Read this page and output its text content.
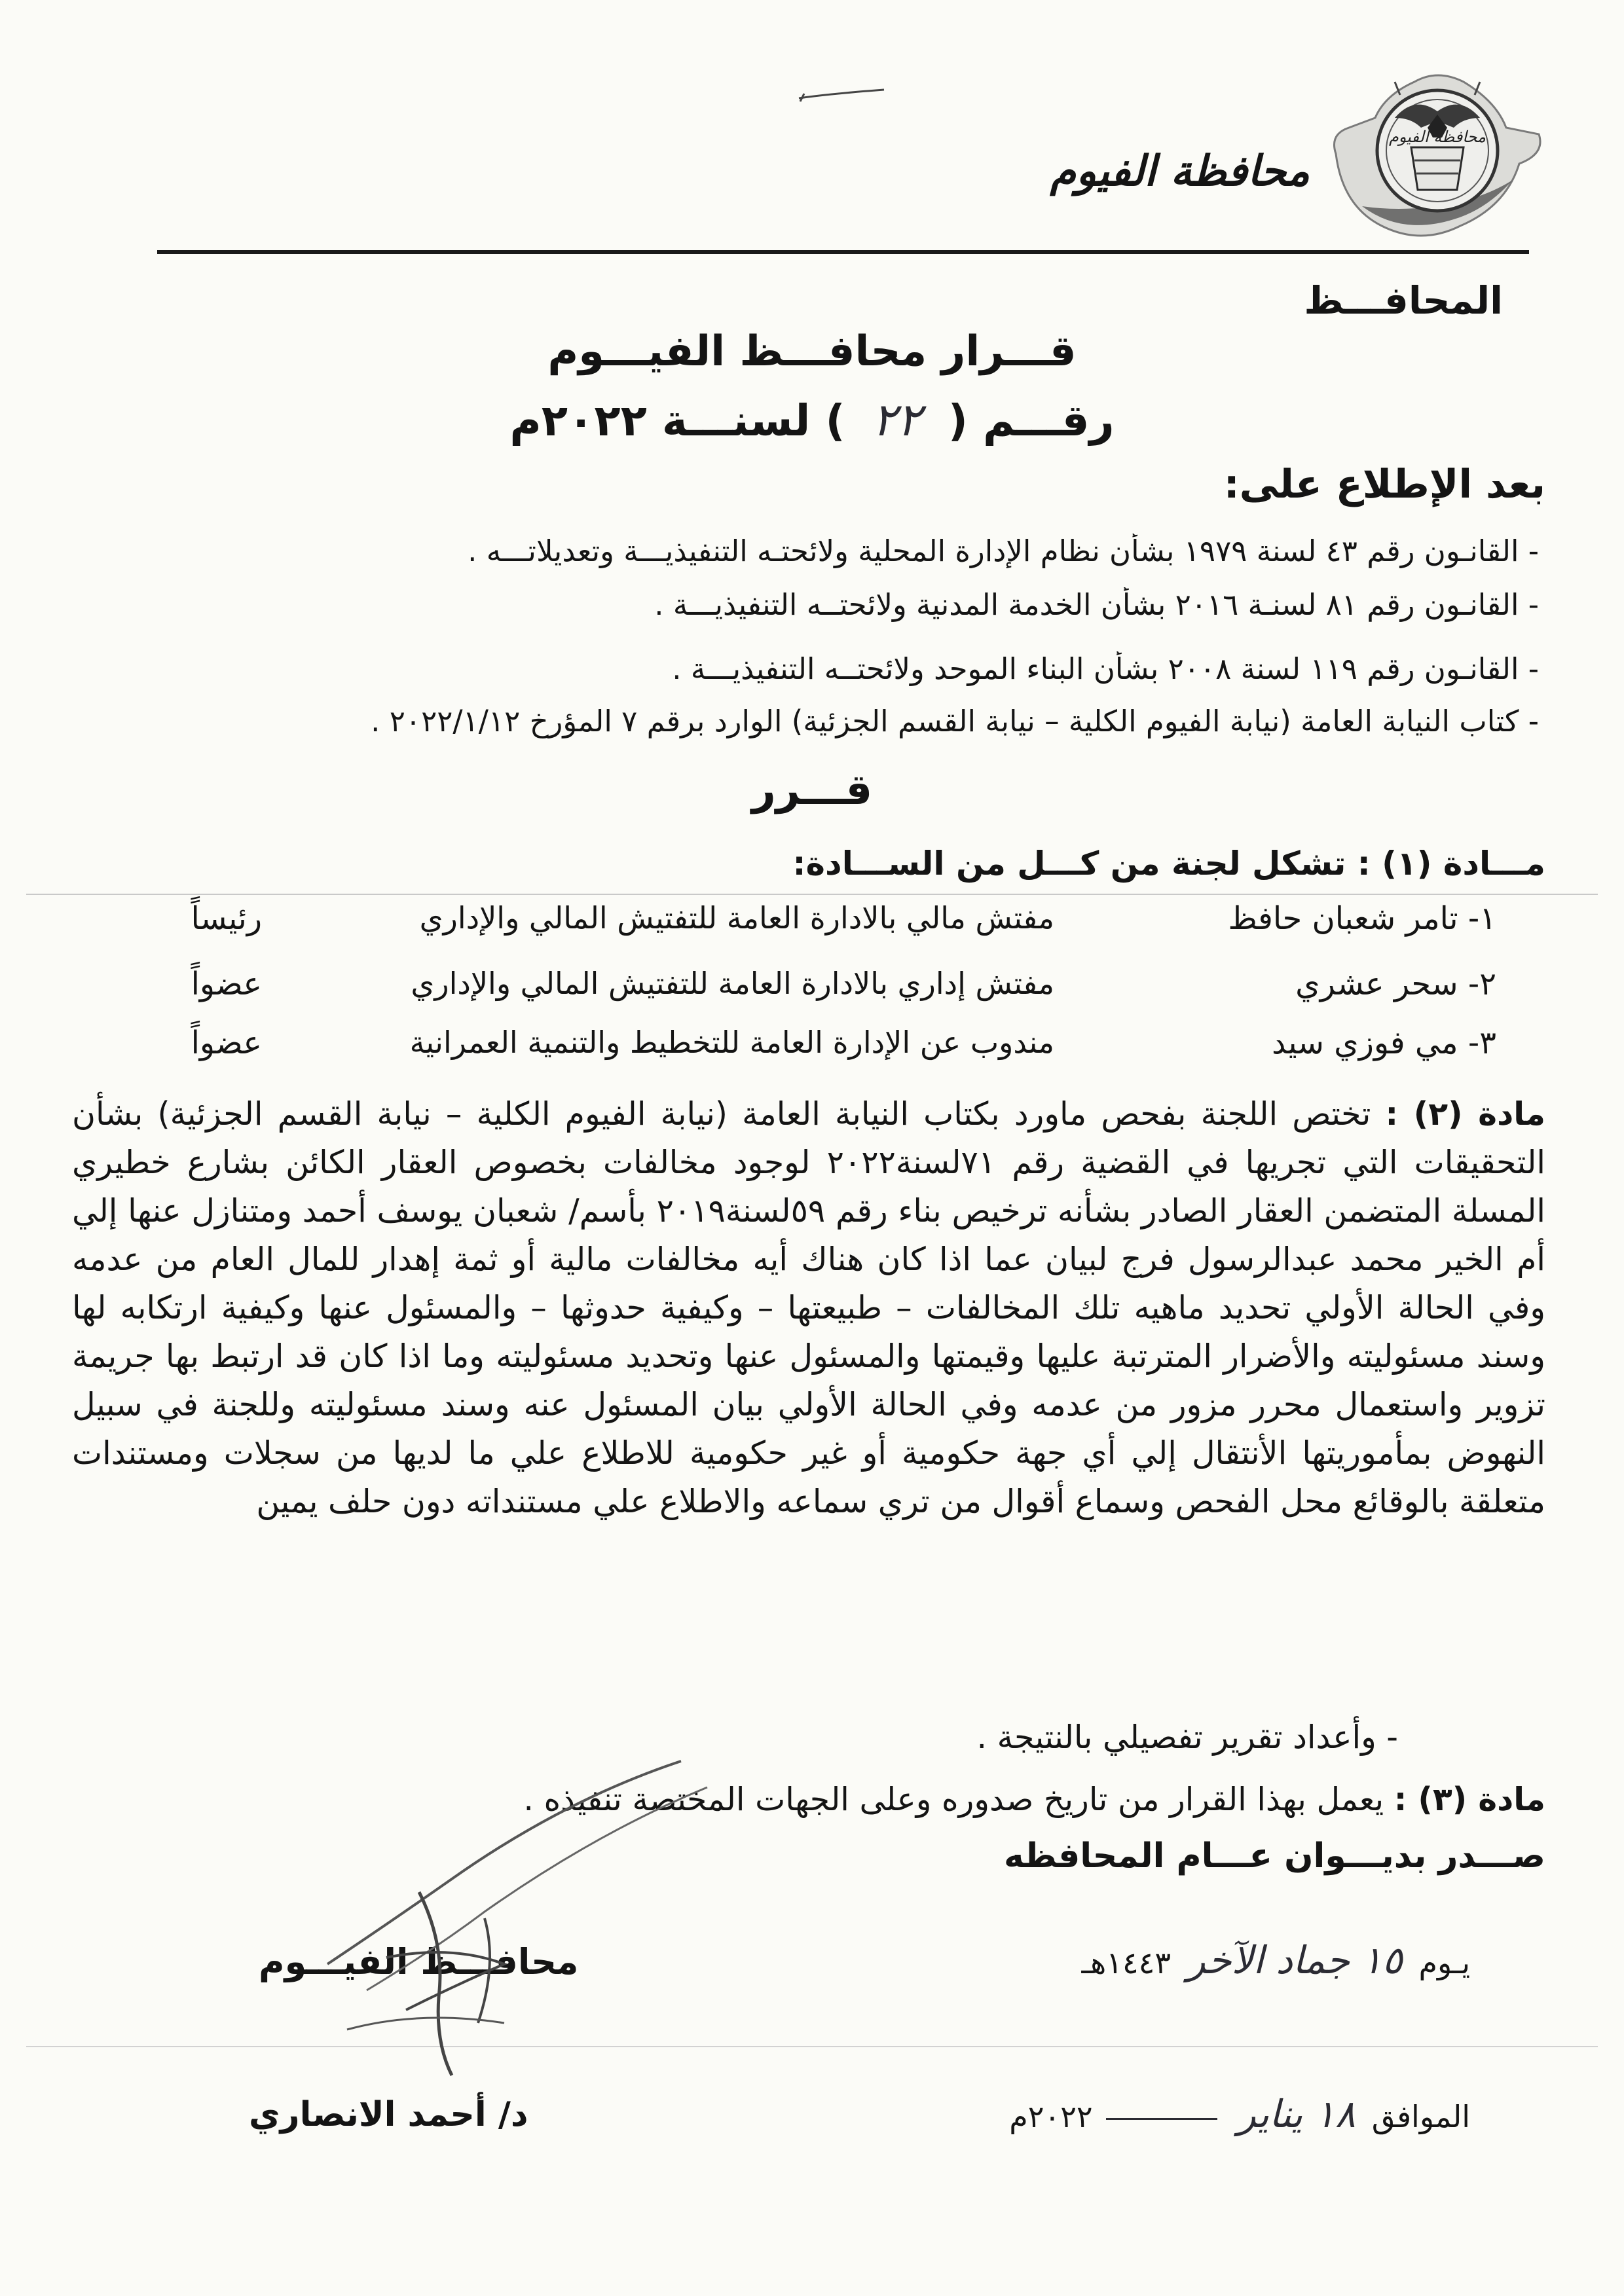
محافظة الفيوم
محافظة الفيوم
المحافـــظ
قـــرار محافـــظ الفيـــوم
رقـــم ( ٢٢ ) لسنـــة ٢٠٢٢م
بعد الإطلاع على:
- القانـون رقم ٤٣ لسنة ١٩٧٩ بشأن نظام الإدارة المحلية ولائحتـه التنفيذيـــة وتعديلاتـــه .
- القانـون رقم ٨١ لسنـة ٢٠١٦ بشأن الخدمة المدنية ولائحتــه التنفيذيـــة .
- القانـون رقم ١١٩ لسنة ٢٠٠٨ بشأن البناء الموحد ولائحتــه التنفيذيـــة .
- كتاب النيابة العامة (نيابة الفيوم الكلية – نيابة القسم الجزئية) الوارد برقم ٧ المؤرخ ٢٠٢٢/١/١٢ .
قـــرر
مـــادة (١) : تشكل لجنة من كـــل من الســـادة:
١- تامر شعبان حافظ
مفتش مالي بالادارة العامة للتفتيش المالي والإداري
رئيساً
٢- سحر عشري
مفتش إداري بالادارة العامة للتفتيش المالي والإداري
عضواً
٣- مي فوزي سيد
مندوب عن الإدارة العامة للتخطيط والتنمية العمرانية
عضواً
مادة (٢) : تختص اللجنة بفحص ماورد بكتاب النيابة العامة (نيابة الفيوم الكلية – نيابة القسم الجزئية) بشأن التحقيقات التي تجريها في القضية رقم ٧١لسنة٢٠٢٢ لوجود مخالفات بخصوص العقار الكائن بشارع خطيري المسلة المتضمن العقار الصادر بشأنه ترخيص بناء رقم ٥٩لسنة٢٠١٩ بأسم/ شعبان يوسف أحمد ومتنازل عنها إلي أم الخير محمد عبدالرسول فرج لبيان عما اذا كان هناك أيه مخالفات مالية أو ثمة إهدار للمال العام من عدمه وفي الحالة الأولي تحديد ماهيه تلك المخالفات – طبيعتها – وكيفية حدوثها – والمسئول عنها وكيفية ارتكابه لها وسند مسئوليته والأضرار المترتبة عليها وقيمتها والمسئول عنها وتحديد مسئوليته وما اذا كان قد ارتبط بها جريمة تزوير واستعمال محرر مزور من عدمه وفي الحالة الأولي بيان المسئول عنه وسند مسئوليته وللجنة في سبيل النهوض بمأموريتها الأنتقال إلي أي جهة حكومية أو غير حكومية للاطلاع علي ما لديها من سجلات ومستندات متعلقة بالوقائع محل الفحص وسماع أقوال من تري سماعه والاطلاع علي مستنداته دون حلف يمين
- وأعداد تقرير تفصيلي بالنتيجة .
مادة (٣) : يعمل بهذا القرار من تاريخ صدوره وعلى الجهات المختصة تنفيذه .
صـــدر بديـــوان عـــام المحافظه
يـوم ١٥ جماد الآخر ١٤٤٣هـ
محافـــظ الفيـــوم
الموافق ١٨ يناير  ٢٠٢٢م
د/ أحمد الانصاري
